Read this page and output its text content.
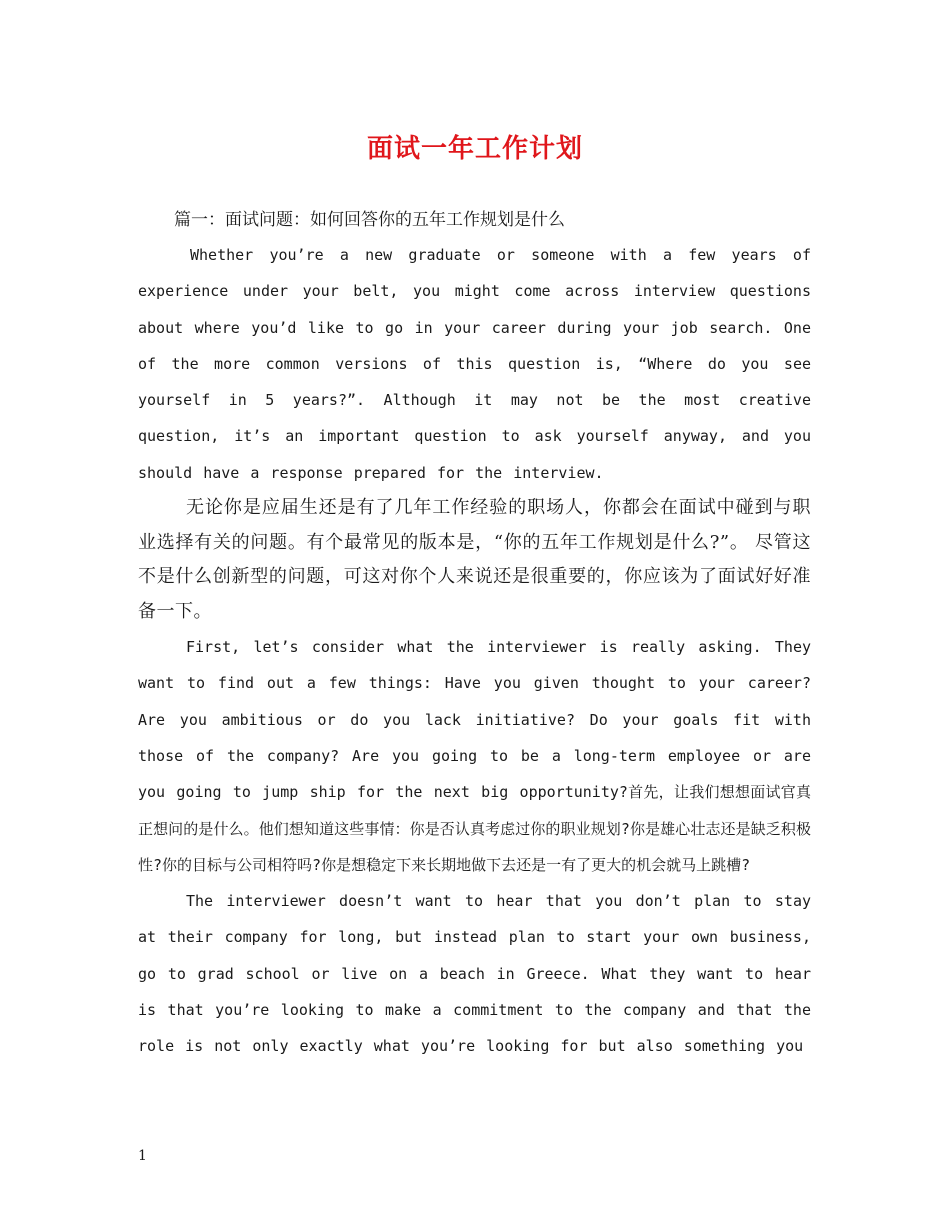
面试一年工作计划

篇一：面试问题：如何回答你的五年工作规划是什么

Whether you’re a new graduate or someone with a few years of experience under your belt, you might come across interview questions about where you’d like to go in your career during your job search. One of the more common versions of this question is, “Where do you see yourself in 5 years?”. Although it may not be the most creative question, it’s an important question to ask yourself anyway, and you should have a response prepared for the interview.

无论你是应届生还是有了几年工作经验的职场人，你都会在面试中碰到与职业选择有关的问题。有个最常见的版本是，“你的五年工作规划是什么?”。 尽管这不是什么创新型的问题，可这对你个人来说还是很重要的，你应该为了面试好好准备一下。

First, let’s consider what the interviewer is really asking. They want to find out a few things: Have you given thought to your career? Are you ambitious or do you lack initiative? Do your goals fit with those of the company? Are you going to be a long-term employee or are you going to jump ship for the next big opportunity?首先，让我们想想面试官真正想问的是什么。他们想知道这些事情：你是否认真考虑过你的职业规划?你是雄心壮志还是缺乏积极性?你的目标与公司相符吗?你是想稳定下来长期地做下去还是一有了更大的机会就马上跳槽?

The interviewer doesn’t want to hear that you don’t plan to stay at their company for long, but instead plan to start your own business, go to grad school or live on a beach in Greece. What they want to hear is that you’re looking to make a commitment to the company and that the role is not only exactly what you’re looking for but also something you

1
